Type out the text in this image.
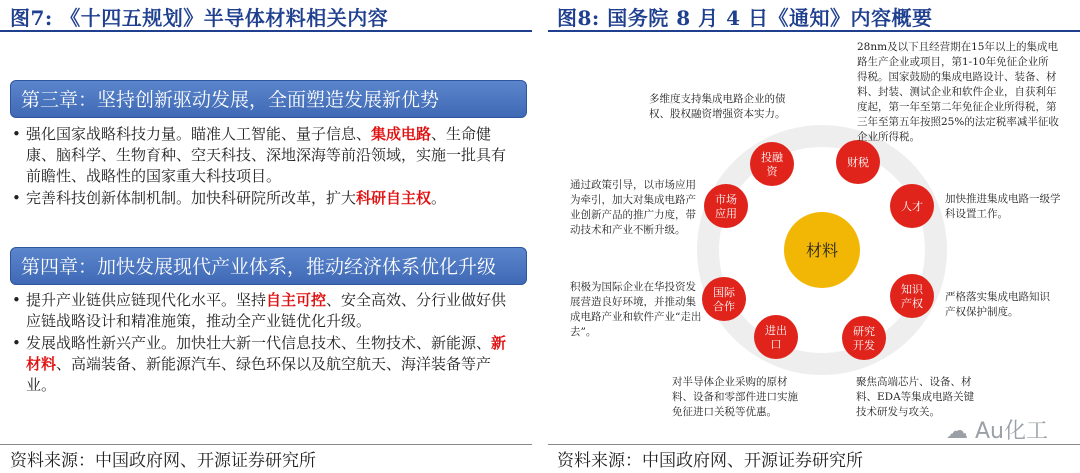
图7: 《十四五规划》半导体材料相关内容
第三章：坚持创新驱动发展，全面塑造发展新优势
• 强化国家战略科技力量。瞄准人工智能、量子信息、集成电路、生命健康、脑科学、生物育种、空天科技、深地深海等前沿领域，实施一批具有前瞻性、战略性的国家重大科技项目。
• 完善科技创新体制机制。加快科研院所改革，扩大科研自主权。
第四章：加快发展现代产业体系，推动经济体系优化升级
• 提升产业链供应链现代化水平。坚持自主可控、安全高效、分行业做好供应链战略设计和精准施策，推动全产业链优化升级。
• 发展战略性新兴产业。加快壮大新一代信息技术、生物技术、新能源、新材料、高端装备、新能源汽车、绿色环保以及航空航天、海洋装备等产业。
资料来源：中国政府网、开源证券研究所
图8: 国务院 8 月 4 日《通知》内容概要
材料
财税
人才
知识
产权
研究
开发
进出
口
国际
合作
市场
应用
投融
资
28nm及以下且经营期在15年以上的集成电路生产企业或项目，第1-10年免征企业所得税。国家鼓励的集成电路设计、装备、材料、封装、测试企业和软件企业，自获利年度起，第一年至第二年免征企业所得税，第三年至第五年按照25%的法定税率减半征收企业所得税。
多维度支持集成电路企业的债权、股权融资增强资本实力。
通过政策引导，以市场应用为牵引，加大对集成电路产业创新产品的推广力度，带动技术和产业不断升级。
加快推进集成电路一级学科设置工作。
积极为国际企业在华投资发展营造良好环境，并推动集成电路产业和软件产业“走出去”。
严格落实集成电路知识产权保护制度。
对半导体企业采购的原材料、设备和零部件进口实施免征进口关税等优惠。
聚焦高端芯片、设备、材料、EDA等集成电路关键技术研发与攻关。
☁ Au化工
资料来源：中国政府网、开源证券研究所
